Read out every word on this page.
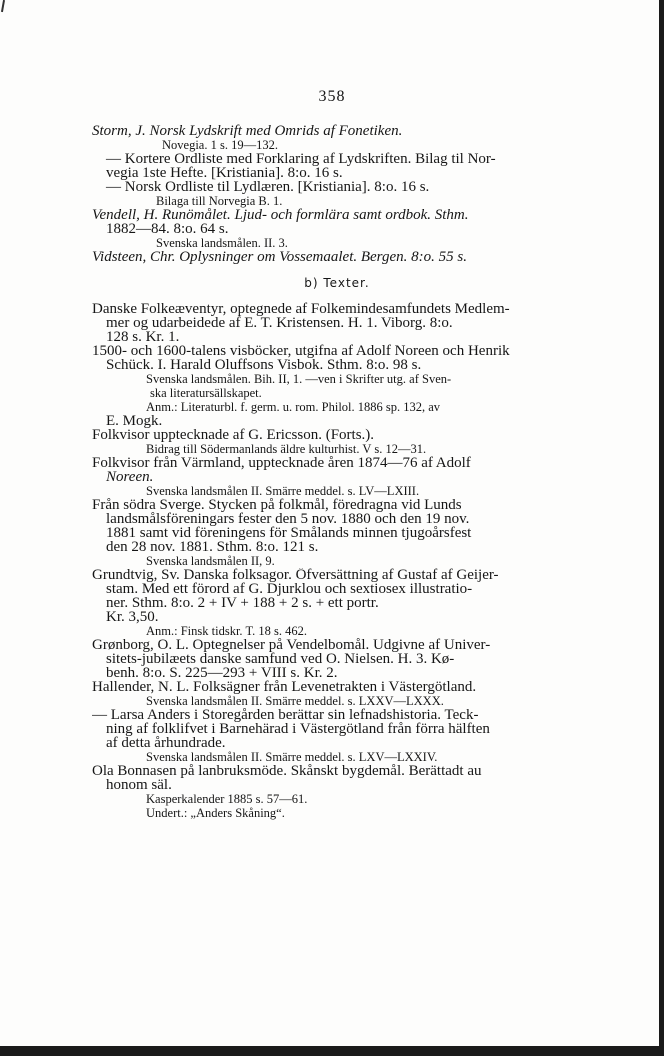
358
Storm, J. Norsk Lydskrift med Omrids af Fonetiken.
Novegia. 1 s. 19—132.
— Kortere Ordliste med Forklaring af Lydskriften. Bilag til Nor-
vegia 1ste Hefte. [Kristiania]. 8:o. 16 s.
— Norsk Ordliste til Lydlæren. [Kristiania]. 8:o. 16 s.
Bilaga till Norvegia B. 1.
Vendell, H. Runömålet. Ljud- och formlära samt ordbok. Sthm.
1882—84. 8:o. 64 s.
Svenska landsmålen. II. 3.
Vidsteen, Chr. Oplysninger om Vossemaalet. Bergen. 8:o. 55 s.
b) Texter.
Danske Folkeæventyr, optegnede af Folkemindesamfundets Medlem-
mer og udarbeidede af E. T. Kristensen. H. 1. Viborg. 8:o.
128 s. Kr. 1.
1500- och 1600-talens visböcker, utgifna af Adolf Noreen och Henrik
Schück. I. Harald Oluffsons Visbok. Sthm. 8:o. 98 s.
Svenska landsmålen. Bih. II, 1. —ven i Skrifter utg. af Sven-
ska literatursällskapet.
Anm.: Literaturbl. f. germ. u. rom. Philol. 1886 sp. 132, av
E. Mogk.
Folkvisor upptecknade af G. Ericsson. (Forts.).
Bidrag till Södermanlands äldre kulturhist. V s. 12—31.
Folkvisor från Värmland, upptecknade åren 1874—76 af Adolf
Noreen.
Svenska landsmålen II. Smärre meddel. s. LV—LXIII.
Från södra Sverge. Stycken på folkmål, föredragna vid Lunds
landsmålsföreningars fester den 5 nov. 1880 och den 19 nov.
1881 samt vid föreningens för Smålands minnen tjugoårsfest
den 28 nov. 1881. Sthm. 8:o. 121 s.
Svenska landsmålen II, 9.
Grundtvig, Sv. Danska folksagor. Öfversättning af Gustaf af Geijer-
stam. Med ett förord af G. Djurklou och sextiosex illustratio-
ner. Sthm. 8:o. 2 + IV + 188 + 2 s. + ett portr.
Kr. 3,50.
Anm.: Finsk tidskr. T. 18 s. 462.
Grønborg, O. L. Optegnelser på Vendelbomål. Udgivne af Univer-
sitets-jubilæets danske samfund ved O. Nielsen. H. 3. Kø-
benh. 8:o. S. 225—293 + VIII s. Kr. 2.
Hallender, N. L. Folksägner från Levenetrakten i Västergötland.
Svenska landsmålen II. Smärre meddel. s. LXXV—LXXX.
— Larsa Anders i Storegården berättar sin lefnadshistoria. Teck-
ning af folklifvet i Barnehärad i Västergötland från förra hälften
af detta århundrade.
Svenska landsmålen II. Smärre meddel. s. LXV—LXXIV.
Ola Bonnasen på lanbruksmöde. Skånskt bygdemål. Berättadt au
honom säl.
Kasperkalender 1885 s. 57—61.
Undert.: „Anders Skåning“.
